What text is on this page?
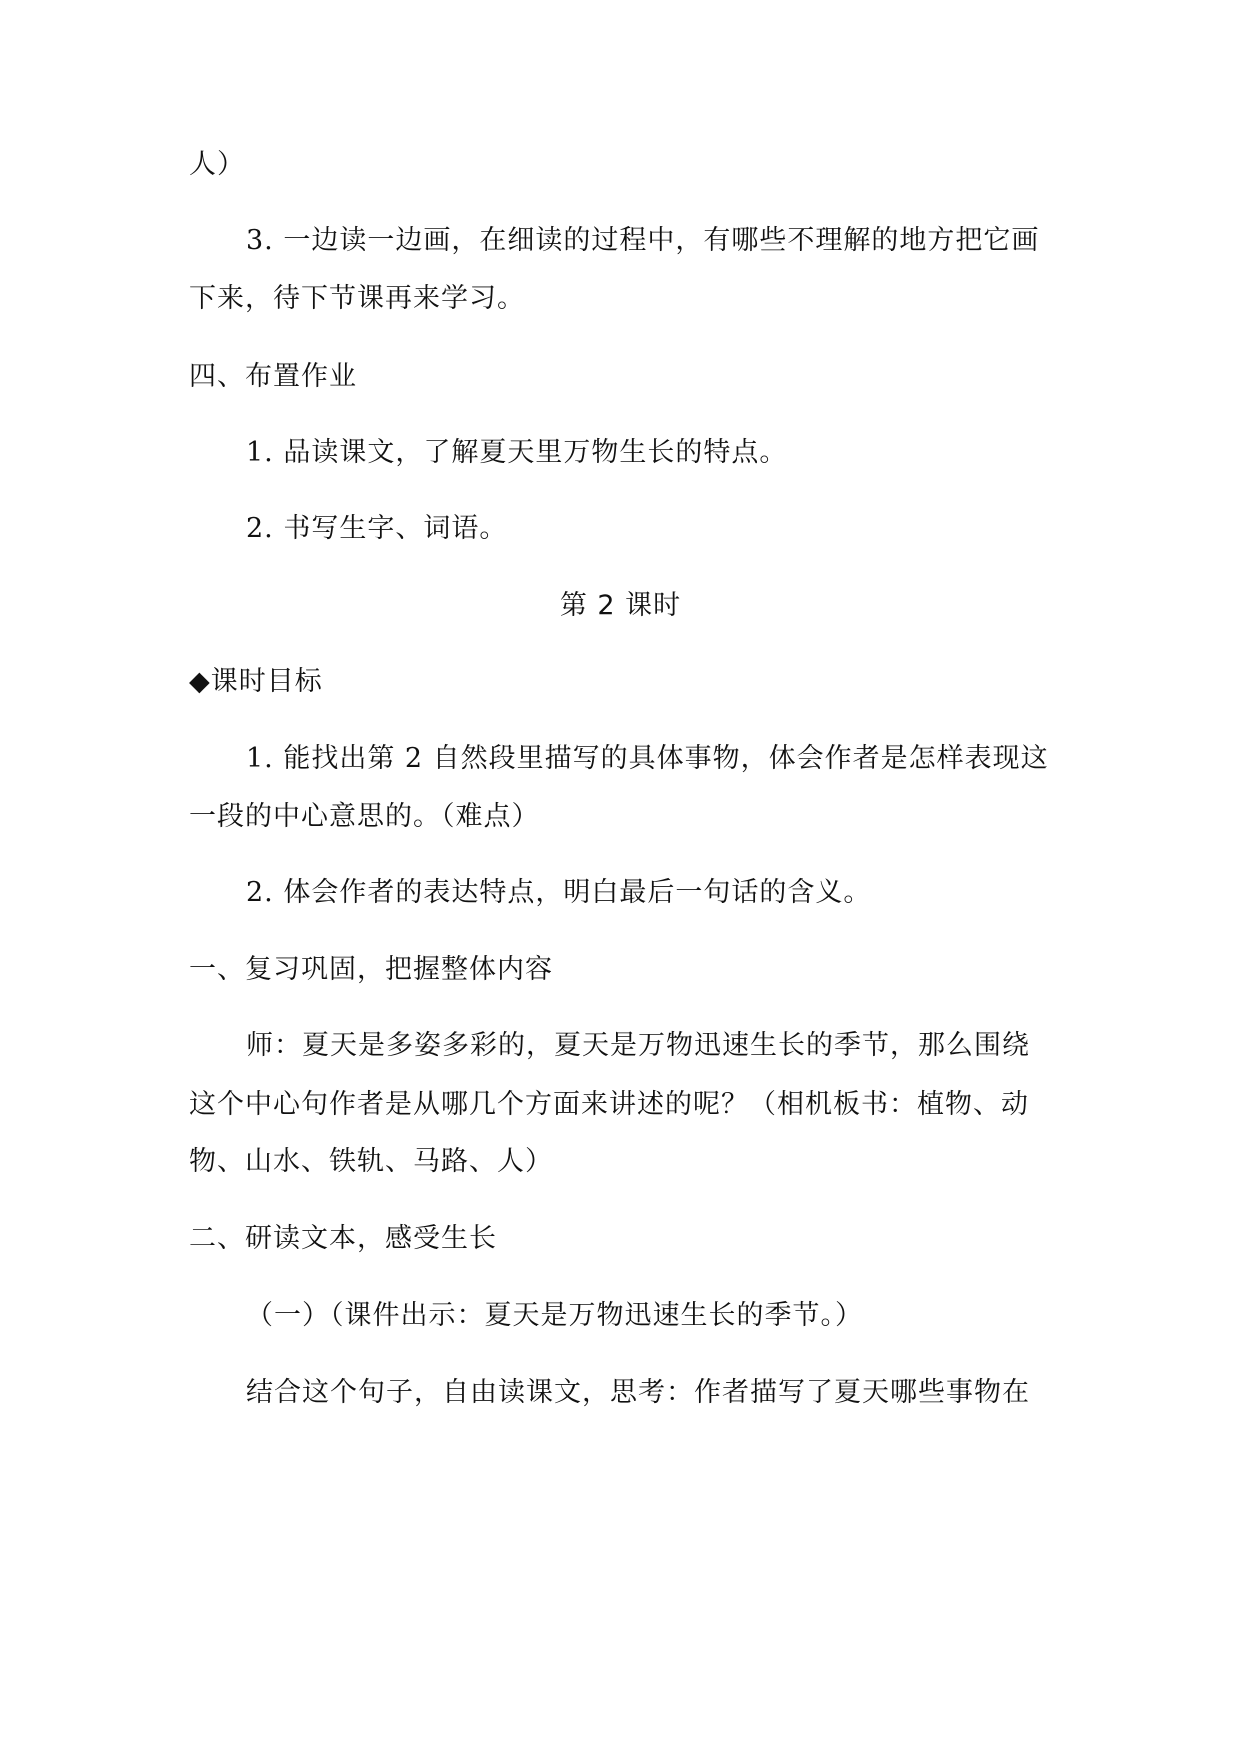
人）
3. 一边读一边画，在细读的过程中，有哪些不理解的地方把它画
下来，待下节课再来学习。
四、布置作业
1. 品读课文，了解夏天里万物生长的特点。
2. 书写生字、词语。
第 2 课时
◆课时目标
1. 能找出第 2 自然段里描写的具体事物，体会作者是怎样表现这
一段的中心意思的。（难点）
2. 体会作者的表达特点，明白最后一句话的含义。
一、复习巩固，把握整体内容
师：夏天是多姿多彩的，夏天是万物迅速生长的季节，那么围绕
这个中心句作者是从哪几个方面来讲述的呢？（相机板书：植物、动
物、山水、铁轨、马路、人）
二、研读文本，感受生长
（一）（课件出示：夏天是万物迅速生长的季节。）
结合这个句子，自由读课文，思考：作者描写了夏天哪些事物在
